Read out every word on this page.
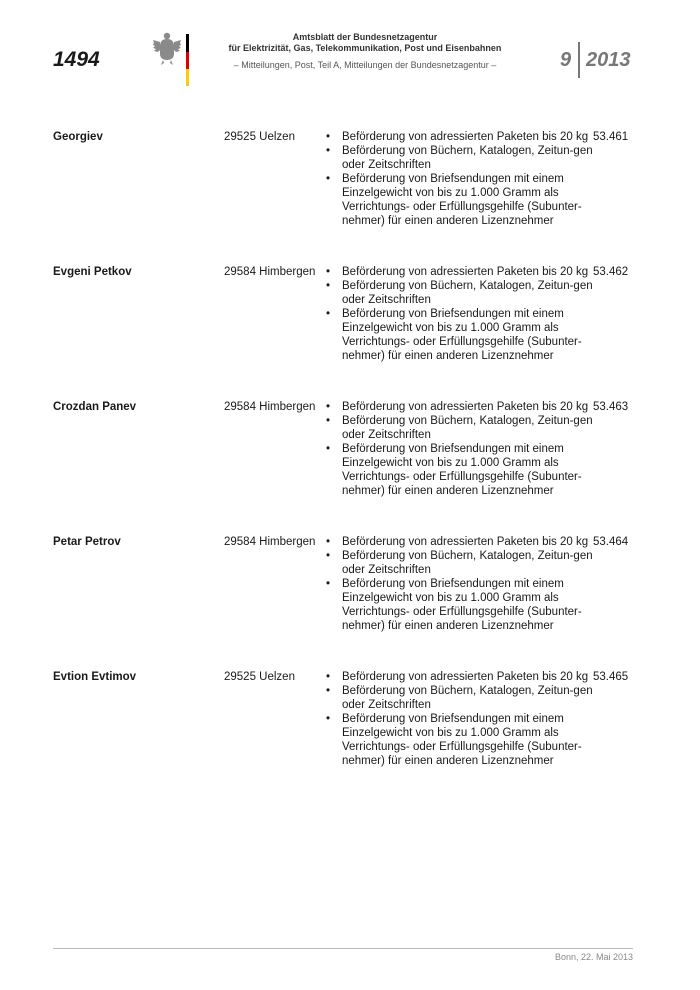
1494
Amtsblatt der Bundesnetzagentur
für Elektrizität, Gas, Telekommunikation, Post und Eisenbahnen
– Mitteilungen, Post, Teil A, Mitteilungen der Bundesnetzagentur –	9 2013
Georgiev	29525 Uelzen	• Beförderung von adressierten Paketen bis 20 kg
• Beförderung von Büchern, Katalogen, Zeitun-gen oder Zeitschriften
• Beförderung von Briefsendungen mit einem Einzelgewicht von bis zu 1.000 Gramm als Verrichtungs- oder Erfüllungsgehilfe (Subunter-nehmer) für einen anderen Lizenznehmer
53.461
Evgeni Petkov	29584 Himbergen	• Beförderung von adressierten Paketen bis 20 kg
• Beförderung von Büchern, Katalogen, Zeitun-gen oder Zeitschriften
• Beförderung von Briefsendungen mit einem Einzelgewicht von bis zu 1.000 Gramm als Verrichtungs- oder Erfüllungsgehilfe (Subunter-nehmer) für einen anderen Lizenznehmer
53.462
Crozdan Panev	29584 Himbergen	• Beförderung von adressierten Paketen bis 20 kg
• Beförderung von Büchern, Katalogen, Zeitun-gen oder Zeitschriften
• Beförderung von Briefsendungen mit einem Einzelgewicht von bis zu 1.000 Gramm als Verrichtungs- oder Erfüllungsgehilfe (Subunter-nehmer) für einen anderen Lizenznehmer
53.463
Petar Petrov	29584 Himbergen	• Beförderung von adressierten Paketen bis 20 kg
• Beförderung von Büchern, Katalogen, Zeitun-gen oder Zeitschriften
• Beförderung von Briefsendungen mit einem Einzelgewicht von bis zu 1.000 Gramm als Verrichtungs- oder Erfüllungsgehilfe (Subunter-nehmer) für einen anderen Lizenznehmer
53.464
Evtion Evtimov	29525 Uelzen	• Beförderung von adressierten Paketen bis 20 kg
• Beförderung von Büchern, Katalogen, Zeitun-gen oder Zeitschriften
• Beförderung von Briefsendungen mit einem Einzelgewicht von bis zu 1.000 Gramm als Verrichtungs- oder Erfüllungsgehilfe (Subunter-nehmer) für einen anderen Lizenznehmer
53.465
Bonn, 22. Mai 2013
